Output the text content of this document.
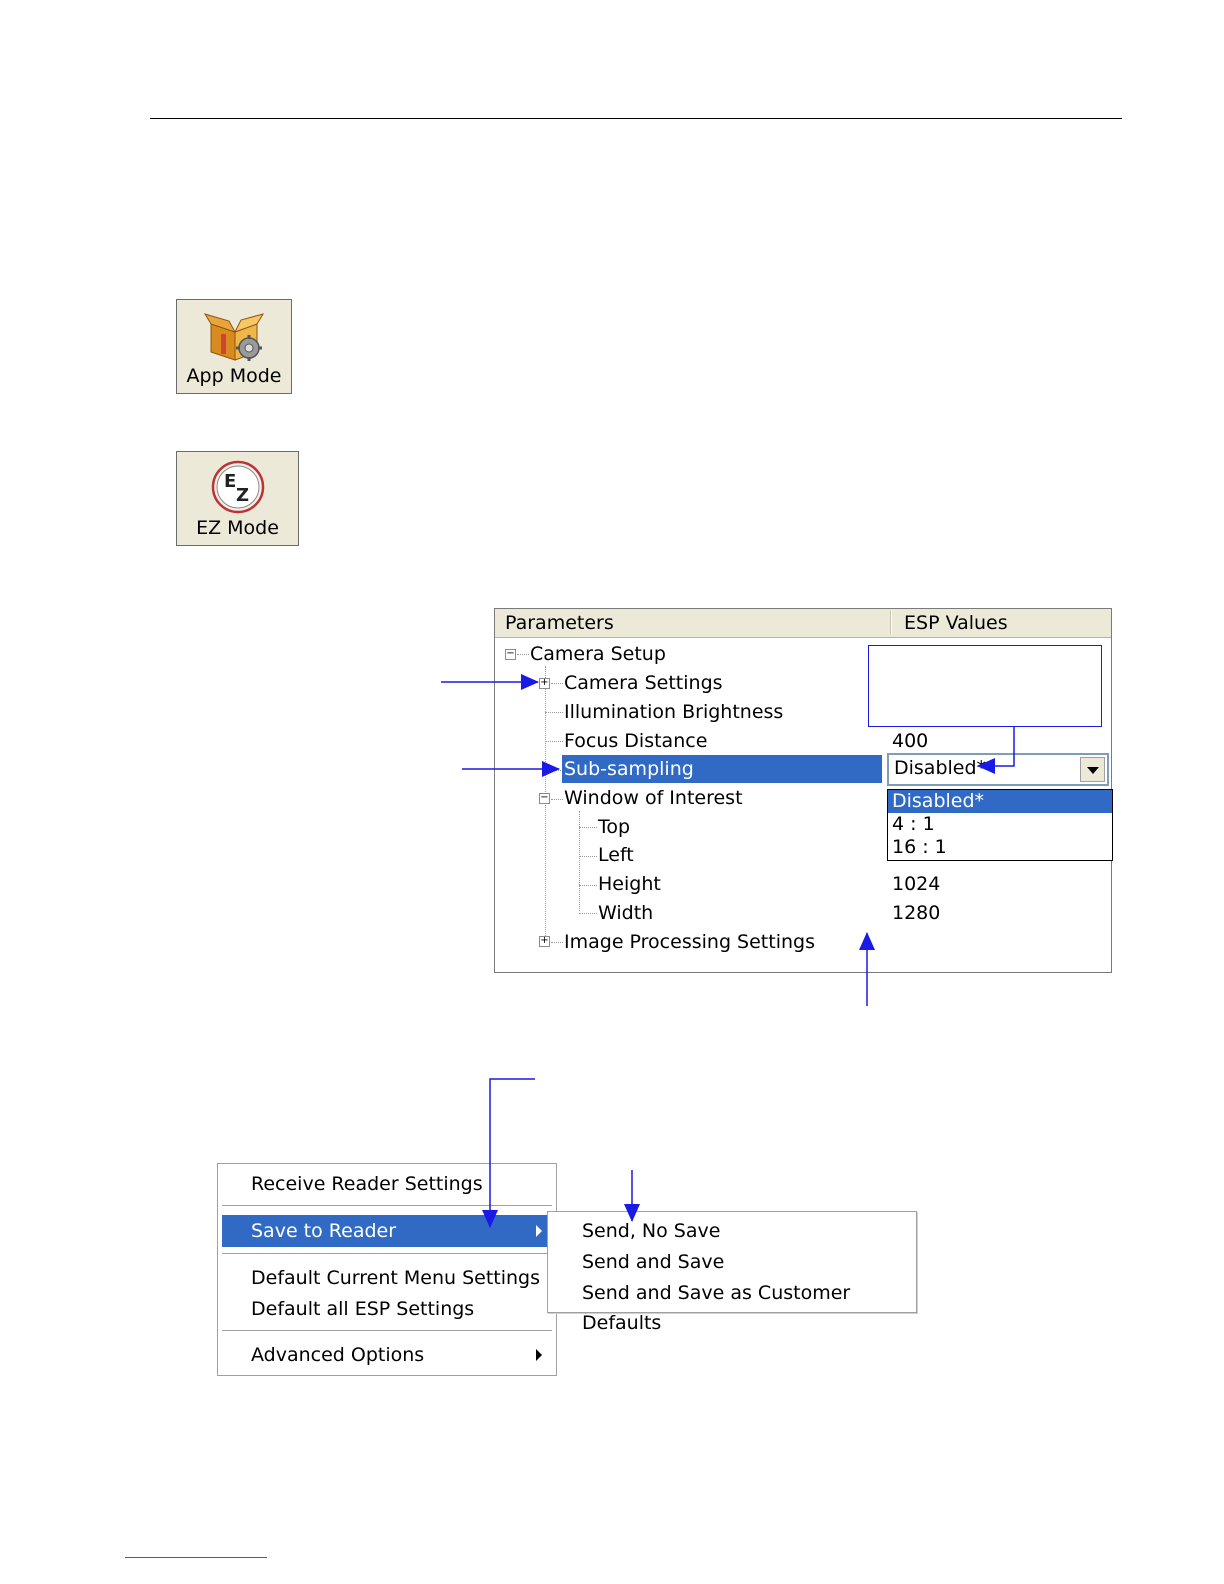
App Mode
E
Z
EZ Mode
Parameters	ESP Values
−
+
−
+
Camera Setup
Camera Settings
Illumination Brightness
Focus Distance
Sub-sampling
Window of Interest
Top
Left
Height
Width
Image Processing Settings
400
1024
1280
Disabled*
Disabled*
4 : 1
16 : 1
Receive Reader Settings
Save to Reader
Default Current Menu Settings
Default all ESP Settings
Advanced Options
Send, No Save
Send and Save
Send and Save as Customer Defaults
